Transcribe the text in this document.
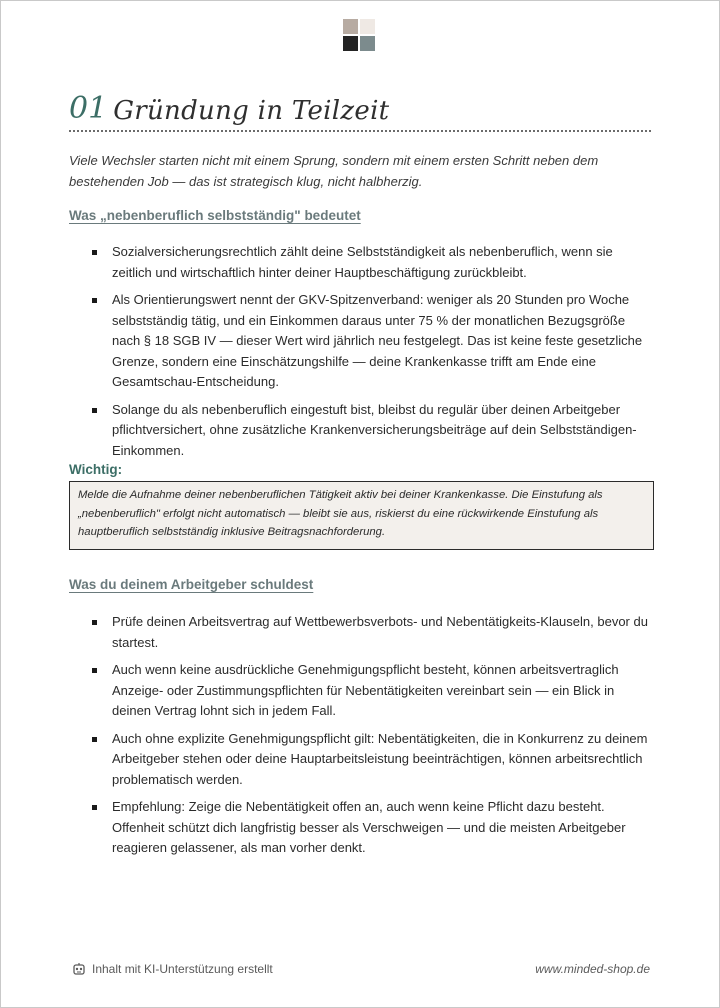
01 Gründung in Teilzeit

Viele Wechsler starten nicht mit einem Sprung, sondern mit einem ersten Schritt neben dem bestehenden Job — das ist strategisch klug, nicht halbherzig.

Was „nebenberuflich selbstständig" bedeutet

Sozialversicherungsrechtlich zählt deine Selbstständigkeit als nebenberuflich, wenn sie zeitlich und wirtschaftlich hinter deiner Hauptbeschäftigung zurückbleibt.
Als Orientierungswert nennt der GKV-Spitzenverband: weniger als 20 Stunden pro Woche selbstständig tätig, und ein Einkommen daraus unter 75 % der monatlichen Bezugsgröße nach § 18 SGB IV — dieser Wert wird jährlich neu festgelegt. Das ist keine feste gesetzliche Grenze, sondern eine Einschätzungshilfe — deine Krankenkasse trifft am Ende eine Gesamtschau-Entscheidung.
Solange du als nebenberuflich eingestuft bist, bleibst du regulär über deinen Arbeitgeber pflichtversichert, ohne zusätzliche Krankenversicherungsbeiträge auf dein Selbstständigen-Einkommen.

Wichtig:

Melde die Aufnahme deiner nebenberuflichen Tätigkeit aktiv bei deiner Krankenkasse. Die Einstufung als „nebenberuflich" erfolgt nicht automatisch — bleibt sie aus, riskierst du eine rückwirkende Einstufung als hauptberuflich selbstständig inklusive Beitragsnachforderung.

Was du deinem Arbeitgeber schuldest

Prüfe deinen Arbeitsvertrag auf Wettbewerbsverbots- und Nebentätigkeits-Klauseln, bevor du startest.
Auch wenn keine ausdrückliche Genehmigungspflicht besteht, können arbeitsvertraglich Anzeige- oder Zustimmungspflichten für Nebentätigkeiten vereinbart sein — ein Blick in deinen Vertrag lohnt sich in jedem Fall.
Auch ohne explizite Genehmigungspflicht gilt: Nebentätigkeiten, die in Konkurrenz zu deinem Arbeitgeber stehen oder deine Hauptarbeitsleistung beeinträchtigen, können arbeitsrechtlich problematisch werden.
Empfehlung: Zeige die Nebentätigkeit offen an, auch wenn keine Pflicht dazu besteht. Offenheit schützt dich langfristig besser als Verschweigen — und die meisten Arbeitgeber reagieren gelassener, als man vorher denkt.
Inhalt mit KI-Unterstützung erstellt	www.minded-shop.de
